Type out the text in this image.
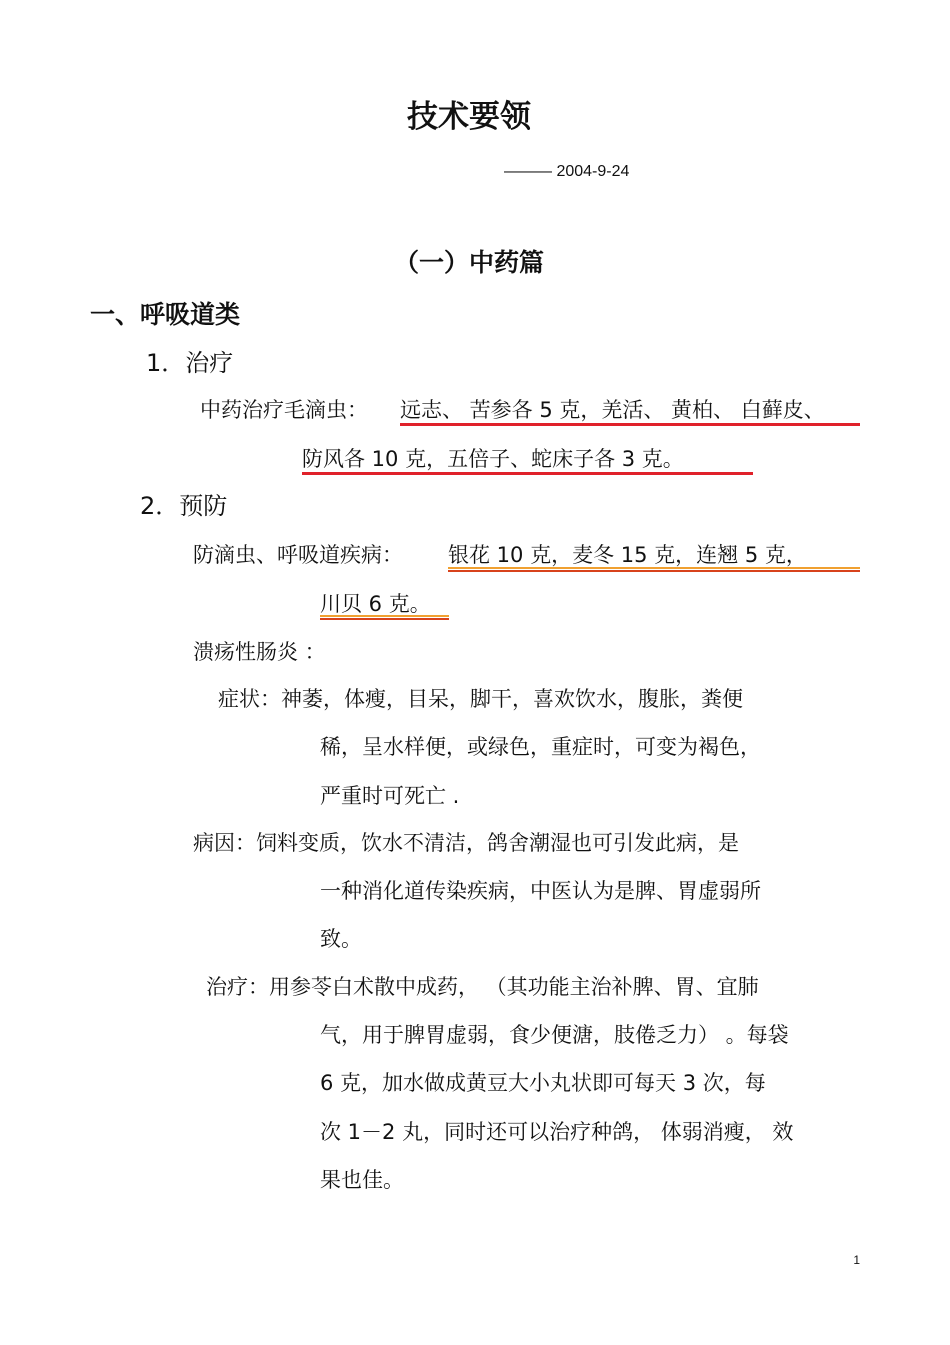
技术要领
——— 2004-9-24
（一）中药篇
一、呼吸道类
1．治疗
中药治疗毛滴虫： 远志、 苦参各 5 克，羌活、 黄柏、 白藓皮、
防风各 10 克，五倍子、蛇床子各 3 克。
2．预防
防滴虫、呼吸道疾病： 银花 10 克，麦冬 15 克，连翘 5 克，
川贝 6 克。
溃疡性肠炎 ：
症状：神萎，体瘦，目呆，脚干，喜欢饮水，腹胀，粪便
稀，呈水样便，或绿色，重症时，可变为褐色，
严重时可死亡 .
病因：饲料变质，饮水不清洁，鸽舍潮湿也可引发此病，是
一种消化道传染疾病，中医认为是脾、胃虚弱所
致。
治疗：用参苓白术散中成药， （其功能主治补脾、胃、宜肺
气，用于脾胃虚弱，食少便溏，肢倦乏力） 。每袋
6 克，加水做成黄豆大小丸状即可每天 3 次，每
次 1－2 丸，同时还可以治疗种鸽， 体弱消瘦， 效
果也佳。
1
